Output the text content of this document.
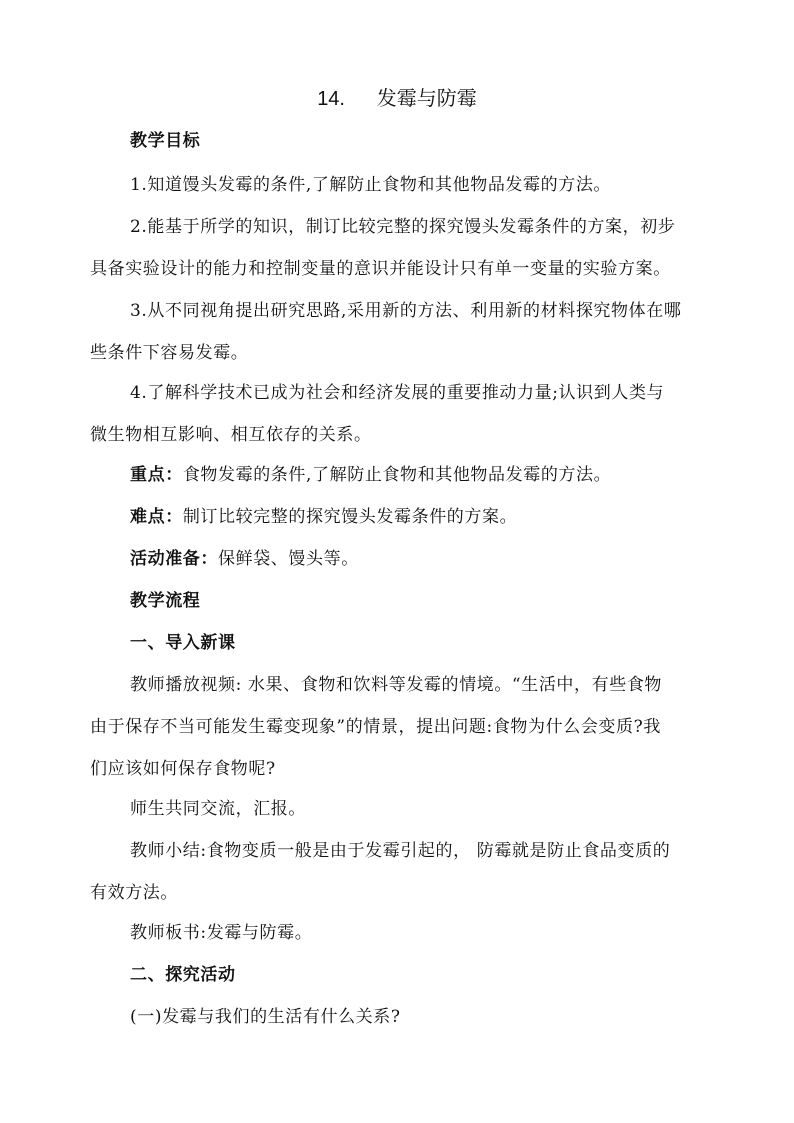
14. 发霉与防霉
教学目标
1.知道馒头发霉的条件,了解防止食物和其他物品发霉的方法。
2.能基于所学的知识，制订比较完整的探究馒头发霉条件的方案，初步
具备实验设计的能力和控制变量的意识并能设计只有单一变量的实验方案。
3.从不同视角提出研究思路,采用新的方法、利用新的材料探究物体在哪
些条件下容易发霉。
4.了解科学技术已成为社会和经济发展的重要推动力量;认识到人类与
微生物相互影响、相互依存的关系。
重点：食物发霉的条件,了解防止食物和其他物品发霉的方法。
难点：制订比较完整的探究馒头发霉条件的方案。
活动准备：保鲜袋、馒头等。
教学流程
一、导入新课
教师播放视频: 水果、食物和饮料等发霉的情境。“生活中，有些食物
由于保存不当可能发生霉变现象”的情景，提出问题:食物为什么会变质?我
们应该如何保存食物呢?
师生共同交流，汇报。
教师小结:食物变质一般是由于发霉引起的， 防霉就是防止食品变质的
有效方法。
教师板书:发霉与防霉。
二、探究活动
(一)发霉与我们的生活有什么关系?
